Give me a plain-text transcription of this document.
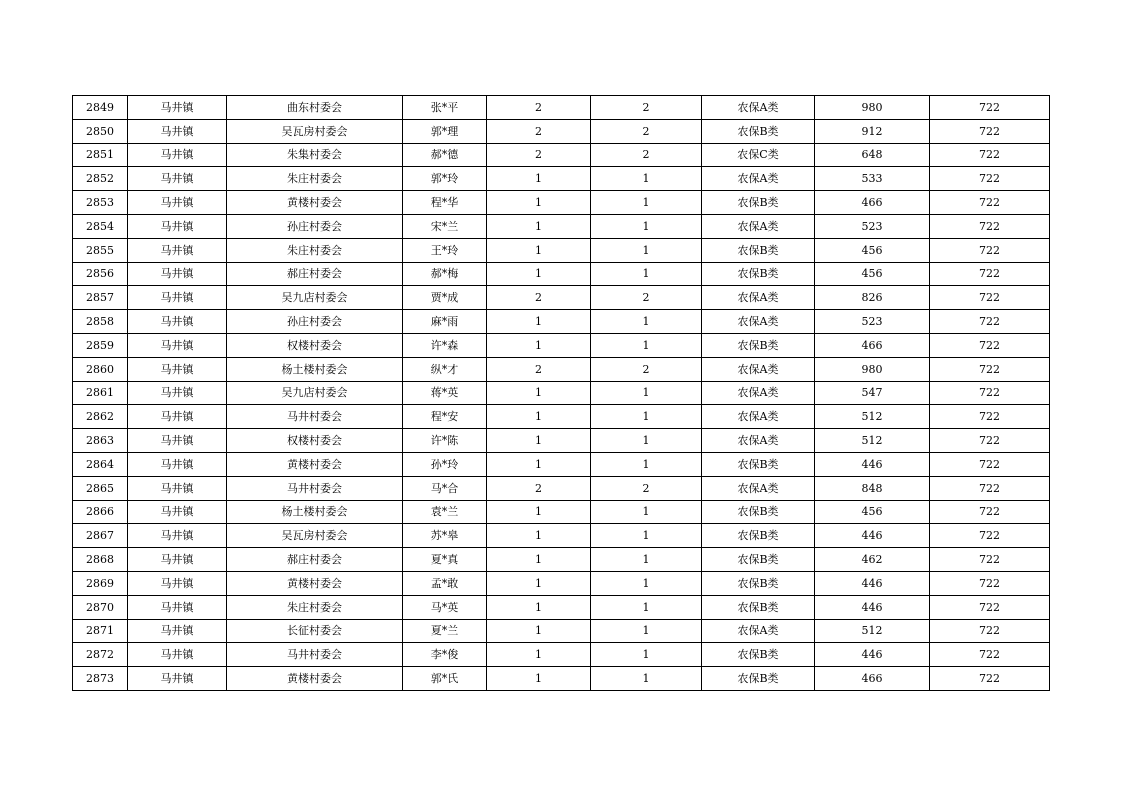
2849	马井镇	曲东村委会	张*平	2	2	农保A类	980	722
2850	马井镇	吴瓦房村委会	郭*理	2	2	农保B类	912	722
2851	马井镇	朱集村委会	郝*德	2	2	农保C类	648	722
2852	马井镇	朱庄村委会	郭*玲	1	1	农保A类	533	722
2853	马井镇	黄楼村委会	程*华	1	1	农保B类	466	722
2854	马井镇	孙庄村委会	宋*兰	1	1	农保A类	523	722
2855	马井镇	朱庄村委会	王*玲	1	1	农保B类	456	722
2856	马井镇	郝庄村委会	郝*梅	1	1	农保B类	456	722
2857	马井镇	吴九店村委会	贾*成	2	2	农保A类	826	722
2858	马井镇	孙庄村委会	麻*雨	1	1	农保A类	523	722
2859	马井镇	权楼村委会	许*森	1	1	农保B类	466	722
2860	马井镇	杨土楼村委会	纵*才	2	2	农保A类	980	722
2861	马井镇	吴九店村委会	蒋*英	1	1	农保A类	547	722
2862	马井镇	马井村委会	程*安	1	1	农保A类	512	722
2863	马井镇	权楼村委会	许*陈	1	1	农保A类	512	722
2864	马井镇	黄楼村委会	孙*玲	1	1	农保B类	446	722
2865	马井镇	马井村委会	马*合	2	2	农保A类	848	722
2866	马井镇	杨土楼村委会	袁*兰	1	1	农保B类	456	722
2867	马井镇	吴瓦房村委会	苏*皋	1	1	农保B类	446	722
2868	马井镇	郝庄村委会	夏*真	1	1	农保B类	462	722
2869	马井镇	黄楼村委会	孟*敢	1	1	农保B类	446	722
2870	马井镇	朱庄村委会	马*英	1	1	农保B类	446	722
2871	马井镇	长征村委会	夏*兰	1	1	农保A类	512	722
2872	马井镇	马井村委会	李*俊	1	1	农保B类	446	722
2873	马井镇	黄楼村委会	郭*氏	1	1	农保B类	466	722
